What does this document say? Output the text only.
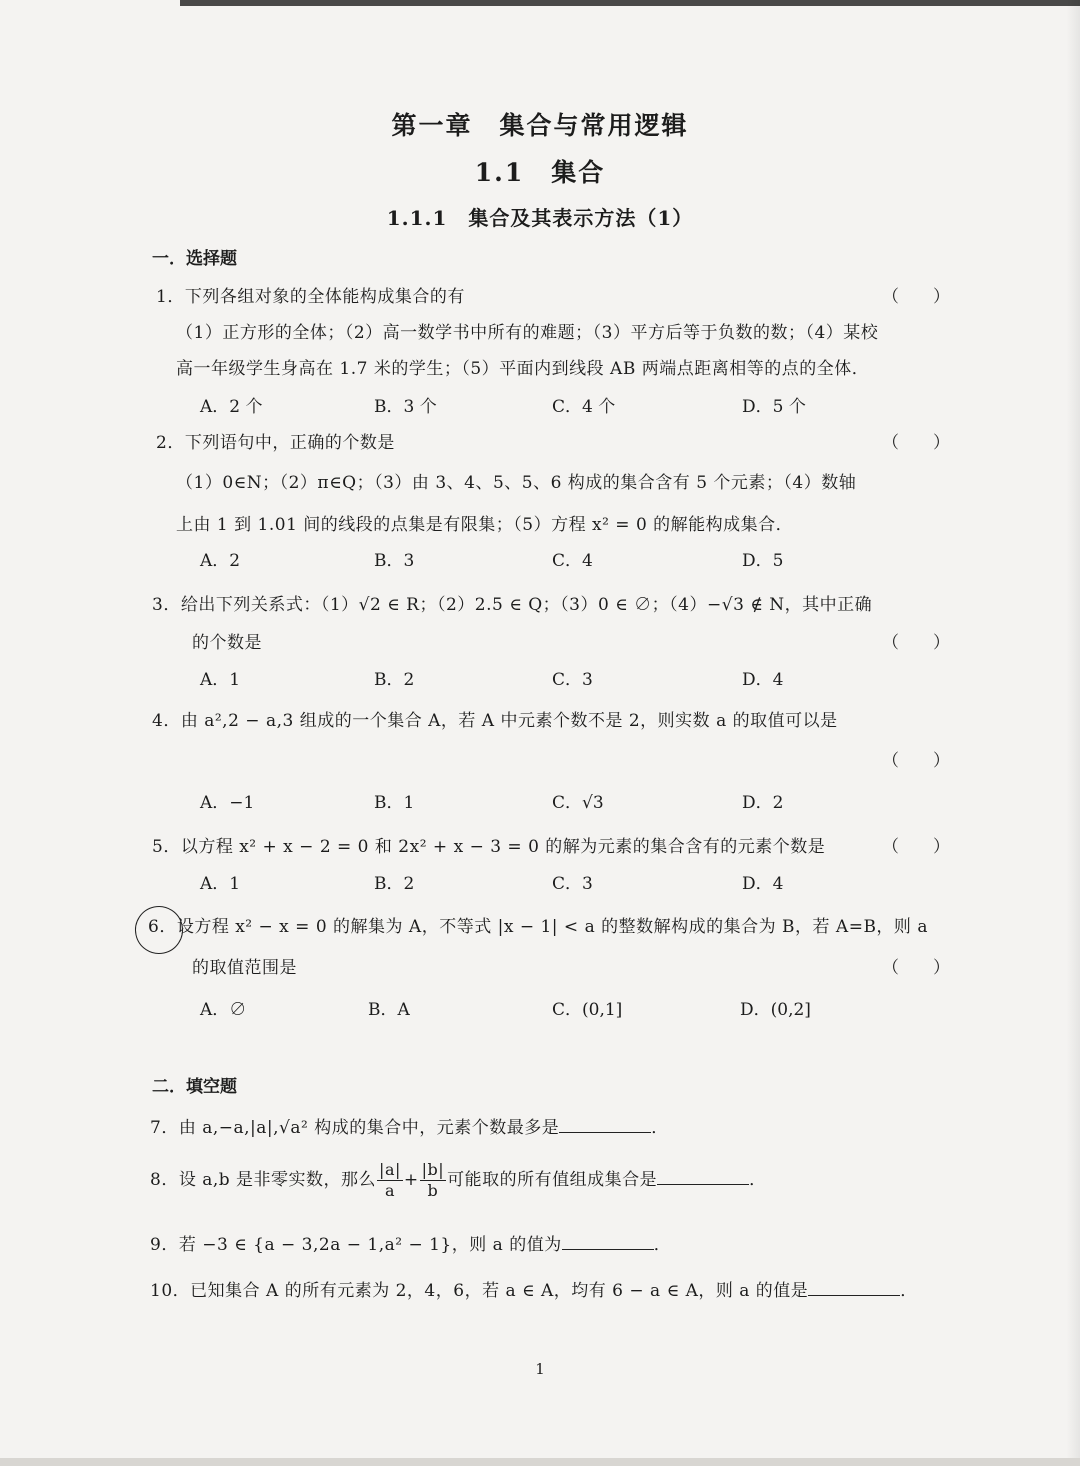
第一章　集合与常用逻辑
1.1　集合
1.1.1　集合及其表示方法（1）
一．选择题
1．下列各组对象的全体能构成集合的有	（　　）
（1）正方形的全体；（2）高一数学书中所有的难题；（3）平方后等于负数的数；（4）某校
高一年级学生身高在 1.7 米的学生；（5）平面内到线段 AB 两端点距离相等的点的全体．
A．2 个	B．3 个	C．4 个	D．5 个
2．下列语句中，正确的个数是	（　　）
（1）0∈N；（2）π∈Q；（3）由 3、4、5、5、6 构成的集合含有 5 个元素；（4）数轴
上由 1 到 1.01 间的线段的点集是有限集；（5）方程 x² = 0 的解能构成集合．
A．2	B．3	C．4	D．5
3．给出下列关系式：（1）√2 ∈ R；（2）2.5 ∈ Q；（3）0 ∈ ∅；（4）−√3 ∉ N，其中正确
的个数是	（　　）
A．1	B．2	C．3	D．4
4．由 a²,2 − a,3 组成的一个集合 A，若 A 中元素个数不是 2，则实数 a 的取值可以是
（　　）
A．−1	B．1	C．√3	D．2
5．以方程 x² + x − 2 = 0 和 2x² + x − 3 = 0 的解为元素的集合含有的元素个数是	（　　）
A．1	B．2	C．3	D．4
6．设方程 x² − x = 0 的解集为 A，不等式 |x − 1| < a 的整数解构成的集合为 B，若 A=B，则 a
的取值范围是	（　　）
A．∅	B．A	C．(0,1]	D．(0,2]
二．填空题
7．由 a,−a,|a|,√a² 构成的集合中，元素个数最多是	．
8．设 a,b 是非零实数，那么 $\frac{|a|}{a} + \frac{|b|}{b}$ 可能取的所有值组成集合是	．
9．若 −3 ∈ {a − 3,2a − 1,a² − 1}，则 a 的值为	．
10．已知集合 A 的所有元素为 2，4，6，若 a ∈ A，均有 6 − a ∈ A，则 a 的值是	．
1
